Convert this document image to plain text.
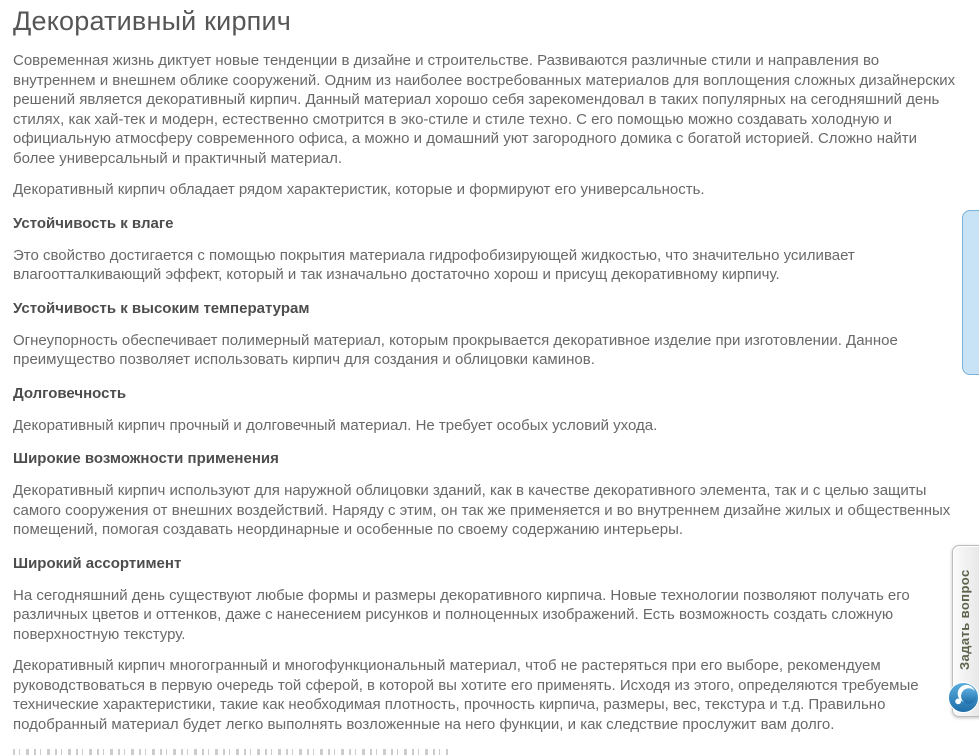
Декоративный кирпич

Современная жизнь диктует новые тенденции в дизайне и строительстве. Развиваются различные стили и направления во внутреннем и внешнем облике сооружений. Одним из наиболее востребованных материалов для воплощения сложных дизайнерских решений является декоративный кирпич. Данный материал хорошо себя зарекомендовал в таких популярных на сегодняшний день стилях, как хай-тек и модерн, естественно смотрится в эко-стиле и стиле техно. С его помощью можно создавать холодную и официальную атмосферу современного офиса, а можно и домашний уют загородного домика с богатой историей. Сложно найти более универсальный и практичный материал.

Декоративный кирпич обладает рядом характеристик, которые и формируют его универсальность.

Устойчивость к влаге

Это свойство достигается с помощью покрытия материала гидрофобизирующей жидкостью, что значительно усиливает влагоотталкивающий эффект, который и так изначально достаточно хорош и присущ декоративному кирпичу.

Устойчивость к высоким температурам

Огнеупорность обеспечивает полимерный материал, которым прокрывается декоративное изделие при изготовлении. Данное преимущество позволяет использовать кирпич для создания и облицовки каминов.

Долговечность

Декоративный кирпич прочный и долговечный материал. Не требует особых условий ухода.

Широкие возможности применения

Декоративный кирпич используют для наружной облицовки зданий, как в качестве декоративного элемента, так и с целью защиты самого сооружения от внешних воздействий. Наряду с этим, он так же применяется и во внутреннем дизайне жилых и общественных помещений, помогая создавать неординарные и особенные по своему содержанию интерьеры.

Широкий ассортимент

На сегодняшний день существуют любые формы и размеры декоративного кирпича. Новые технологии позволяют получать его различных цветов и оттенков, даже с нанесением рисунков и полноценных изображений. Есть возможность создать сложную поверхностную текстуру.

Декоративный кирпич многогранный и многофункциональный материал, чтоб не растеряться при его выборе, рекомендуем руководствоваться в первую очередь той сферой, в которой вы хотите его применять. Исходя из этого, определяются требуемые технические характеристики, такие как необходимая плотность, прочность кирпича, размеры, вес, текстура и т.д. Правильно подобранный материал будет легко выполнять возложенные на него функции, и как следствие прослужит вам долго.

Задать вопрос
